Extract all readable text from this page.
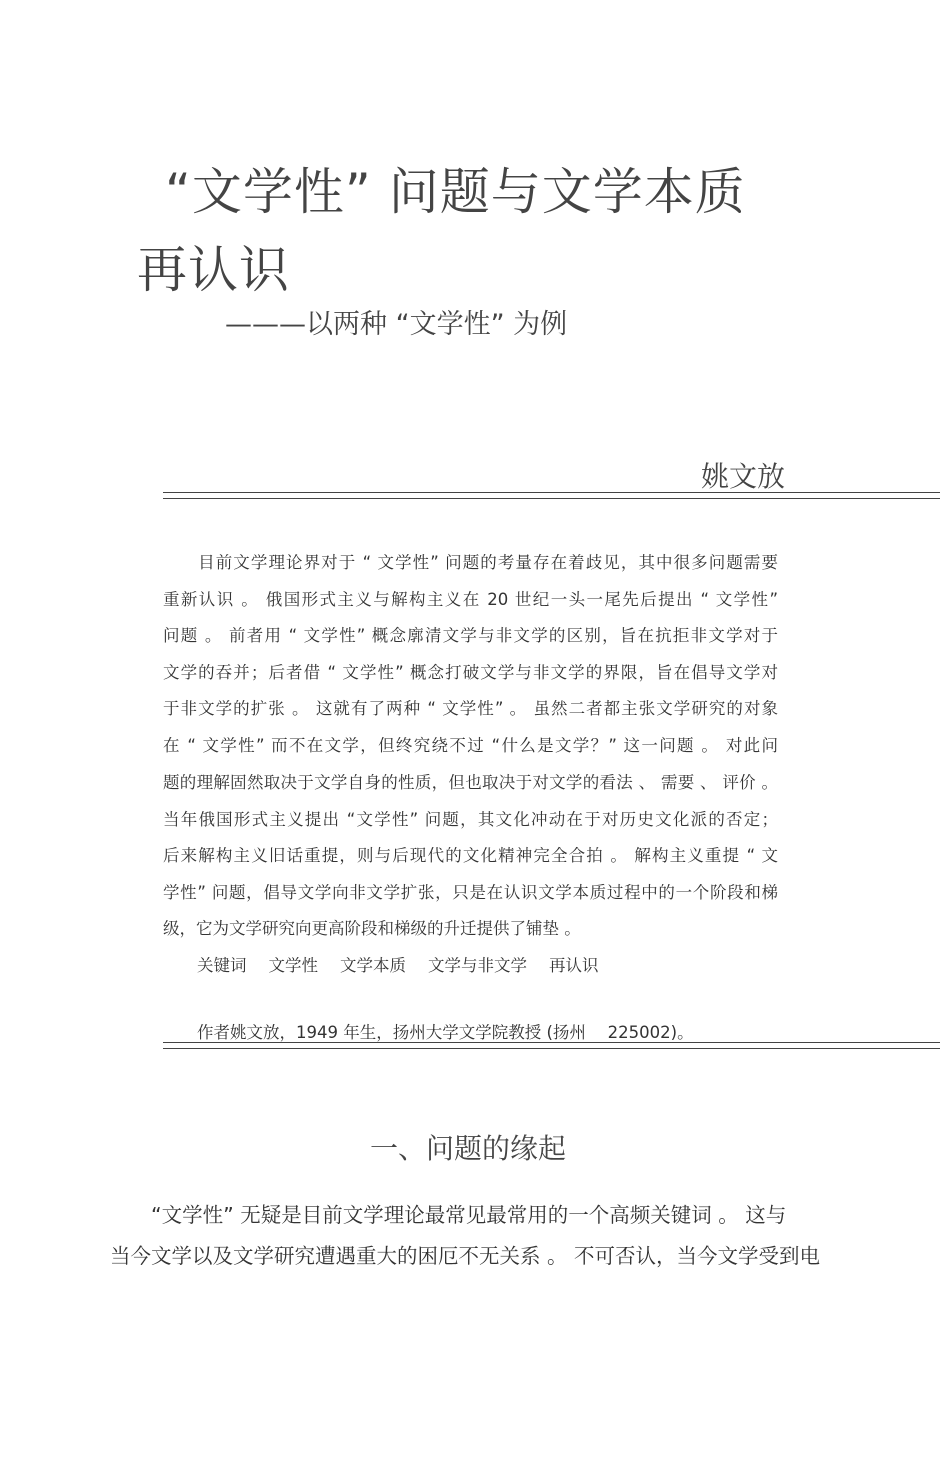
“文学性” 问题与文学本质
再认识
———以两种 “文学性” 为例
姚文放
　　目前文学理论界对于 “ 文学性” 问题的考量存在着歧见，其中很多问题需要
重新认识 。 俄国形式主义与解构主义在 20 世纪一头一尾先后提出 “ 文学性”
问题 。 前者用 “ 文学性” 概念廓清文学与非文学的区别，旨在抗拒非文学对于
文学的吞并；后者借 “ 文学性” 概念打破文学与非文学的界限，旨在倡导文学对
于非文学的扩张 。 这就有了两种 “ 文学性” 。 虽然二者都主张文学研究的对象
在 “ 文学性” 而不在文学，但终究绕不过 “什么是文学？” 这一问题 。 对此问
题的理解固然取决于文学自身的性质，但也取决于对文学的看法 、 需要 、 评价 。
当年俄国形式主义提出 “文学性” 问题，其文化冲动在于对历史文化派的否定；
后来解构主义旧话重提，则与后现代的文化精神完全合拍 。 解构主义重提 “ 文
学性” 问题，倡导文学向非文学扩张，只是在认识文学本质过程中的一个阶段和梯
级，它为文学研究向更高阶段和梯级的升迁提供了铺垫 。
关键词 文学性 文学本质 文学与非文学 再认识
作者姚文放，1949 年生，扬州大学文学院教授 (扬州　 225002)。
一、问题的缘起
　　“文学性” 无疑是目前文学理论最常见最常用的一个高频关键词 。 这与
当今文学以及文学研究遭遇重大的困厄不无关系 。 不可否认，当今文学受到电
